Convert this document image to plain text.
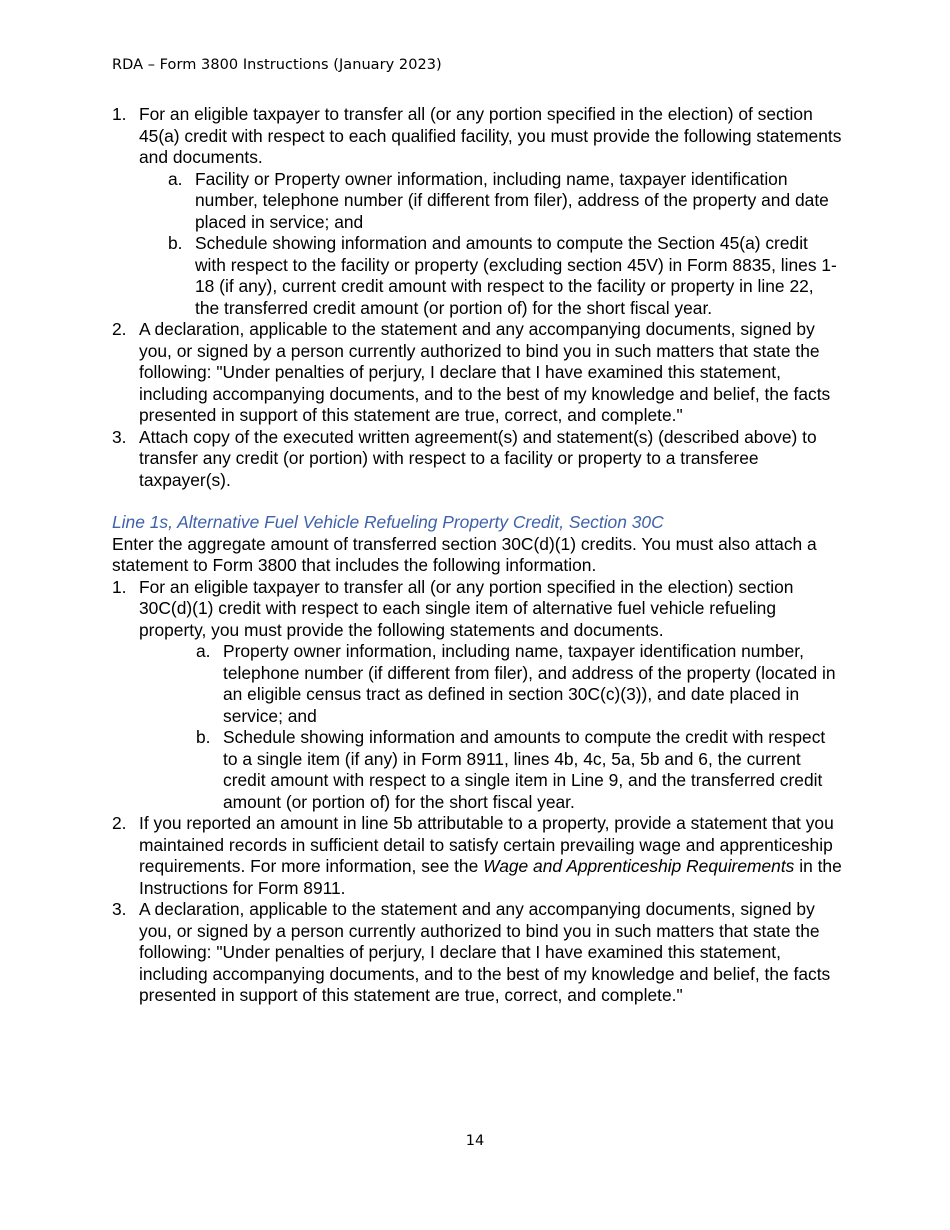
RDA – Form 3800 Instructions (January 2023)
1. For an eligible taxpayer to transfer all (or any portion specified in the election) of section 45(a) credit with respect to each qualified facility, you must provide the following statements and documents.
a. Facility or Property owner information, including name, taxpayer identification number, telephone number (if different from filer), address of the property and date placed in service; and
b. Schedule showing information and amounts to compute the Section 45(a) credit with respect to the facility or property (excluding section 45V) in Form 8835, lines 1-18 (if any), current credit amount with respect to the facility or property in line 22, the transferred credit amount (or portion of) for the short fiscal year.
2. A declaration, applicable to the statement and any accompanying documents, signed by you, or signed by a person currently authorized to bind you in such matters that state the following: "Under penalties of perjury, I declare that I have examined this statement, including accompanying documents, and to the best of my knowledge and belief, the facts presented in support of this statement are true, correct, and complete."
3. Attach copy of the executed written agreement(s) and statement(s) (described above) to transfer any credit (or portion) with respect to a facility or property to a transferee taxpayer(s).
Line 1s, Alternative Fuel Vehicle Refueling Property Credit, Section 30C
Enter the aggregate amount of transferred section 30C(d)(1) credits. You must also attach a statement to Form 3800 that includes the following information.
1. For an eligible taxpayer to transfer all (or any portion specified in the election) section 30C(d)(1) credit with respect to each single item of alternative fuel vehicle refueling property, you must provide the following statements and documents.
a. Property owner information, including name, taxpayer identification number, telephone number (if different from filer), and address of the property (located in an eligible census tract as defined in section 30C(c)(3)), and date placed in service; and
b. Schedule showing information and amounts to compute the credit with respect to a single item (if any) in Form 8911, lines 4b, 4c, 5a, 5b and 6, the current credit amount with respect to a single item in Line 9, and the transferred credit amount (or portion of) for the short fiscal year.
2. If you reported an amount in line 5b attributable to a property, provide a statement that you maintained records in sufficient detail to satisfy certain prevailing wage and apprenticeship requirements. For more information, see the Wage and Apprenticeship Requirements in the Instructions for Form 8911.
3. A declaration, applicable to the statement and any accompanying documents, signed by you, or signed by a person currently authorized to bind you in such matters that state the following: "Under penalties of perjury, I declare that I have examined this statement, including accompanying documents, and to the best of my knowledge and belief, the facts presented in support of this statement are true, correct, and complete."
14
